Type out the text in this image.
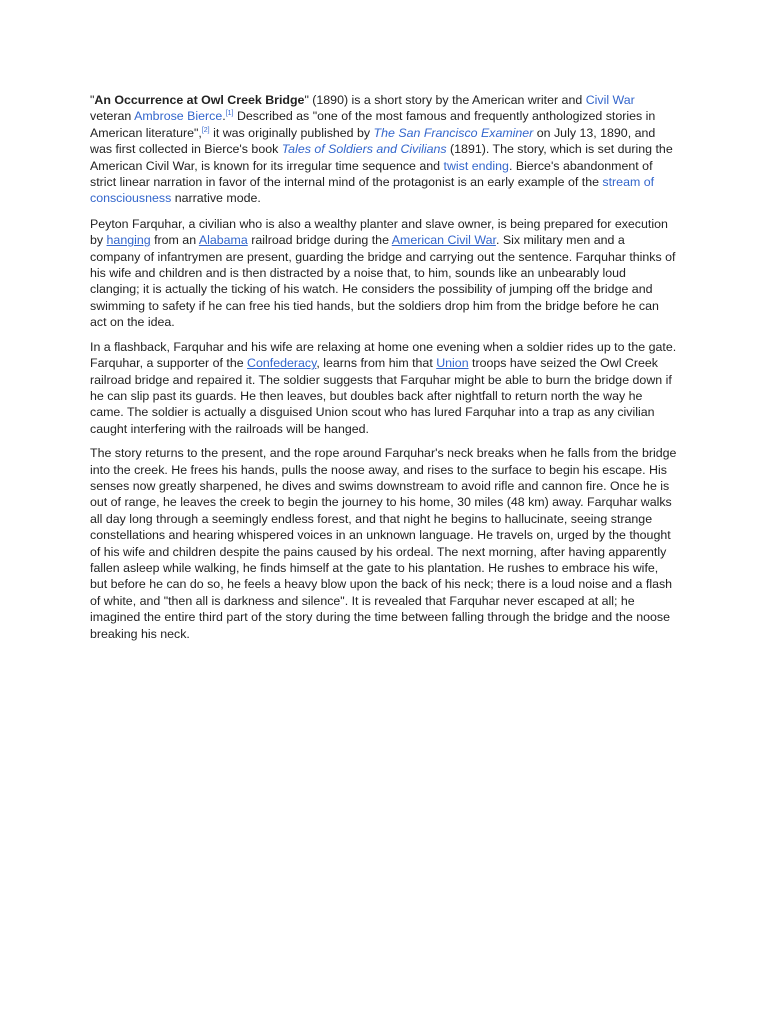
"An Occurrence at Owl Creek Bridge" (1890) is a short story by the American writer and Civil War veteran Ambrose Bierce.[1] Described as "one of the most famous and frequently anthologized stories in American literature",[2] it was originally published by The San Francisco Examiner on July 13, 1890, and was first collected in Bierce's book Tales of Soldiers and Civilians (1891). The story, which is set during the American Civil War, is known for its irregular time sequence and twist ending. Bierce's abandonment of strict linear narration in favor of the internal mind of the protagonist is an early example of the stream of consciousness narrative mode.

Peyton Farquhar, a civilian who is also a wealthy planter and slave owner, is being prepared for execution by hanging from an Alabama railroad bridge during the American Civil War. Six military men and a company of infantrymen are present, guarding the bridge and carrying out the sentence. Farquhar thinks of his wife and children and is then distracted by a noise that, to him, sounds like an unbearably loud clanging; it is actually the ticking of his watch. He considers the possibility of jumping off the bridge and swimming to safety if he can free his tied hands, but the soldiers drop him from the bridge before he can act on the idea.

In a flashback, Farquhar and his wife are relaxing at home one evening when a soldier rides up to the gate. Farquhar, a supporter of the Confederacy, learns from him that Union troops have seized the Owl Creek railroad bridge and repaired it. The soldier suggests that Farquhar might be able to burn the bridge down if he can slip past its guards. He then leaves, but doubles back after nightfall to return north the way he came. The soldier is actually a disguised Union scout who has lured Farquhar into a trap as any civilian caught interfering with the railroads will be hanged.

The story returns to the present, and the rope around Farquhar's neck breaks when he falls from the bridge into the creek. He frees his hands, pulls the noose away, and rises to the surface to begin his escape. His senses now greatly sharpened, he dives and swims downstream to avoid rifle and cannon fire. Once he is out of range, he leaves the creek to begin the journey to his home, 30 miles (48 km) away. Farquhar walks all day long through a seemingly endless forest, and that night he begins to hallucinate, seeing strange constellations and hearing whispered voices in an unknown language. He travels on, urged by the thought of his wife and children despite the pains caused by his ordeal. The next morning, after having apparently fallen asleep while walking, he finds himself at the gate to his plantation. He rushes to embrace his wife, but before he can do so, he feels a heavy blow upon the back of his neck; there is a loud noise and a flash of white, and "then all is darkness and silence". It is revealed that Farquhar never escaped at all; he imagined the entire third part of the story during the time between falling through the bridge and the noose breaking his neck.
